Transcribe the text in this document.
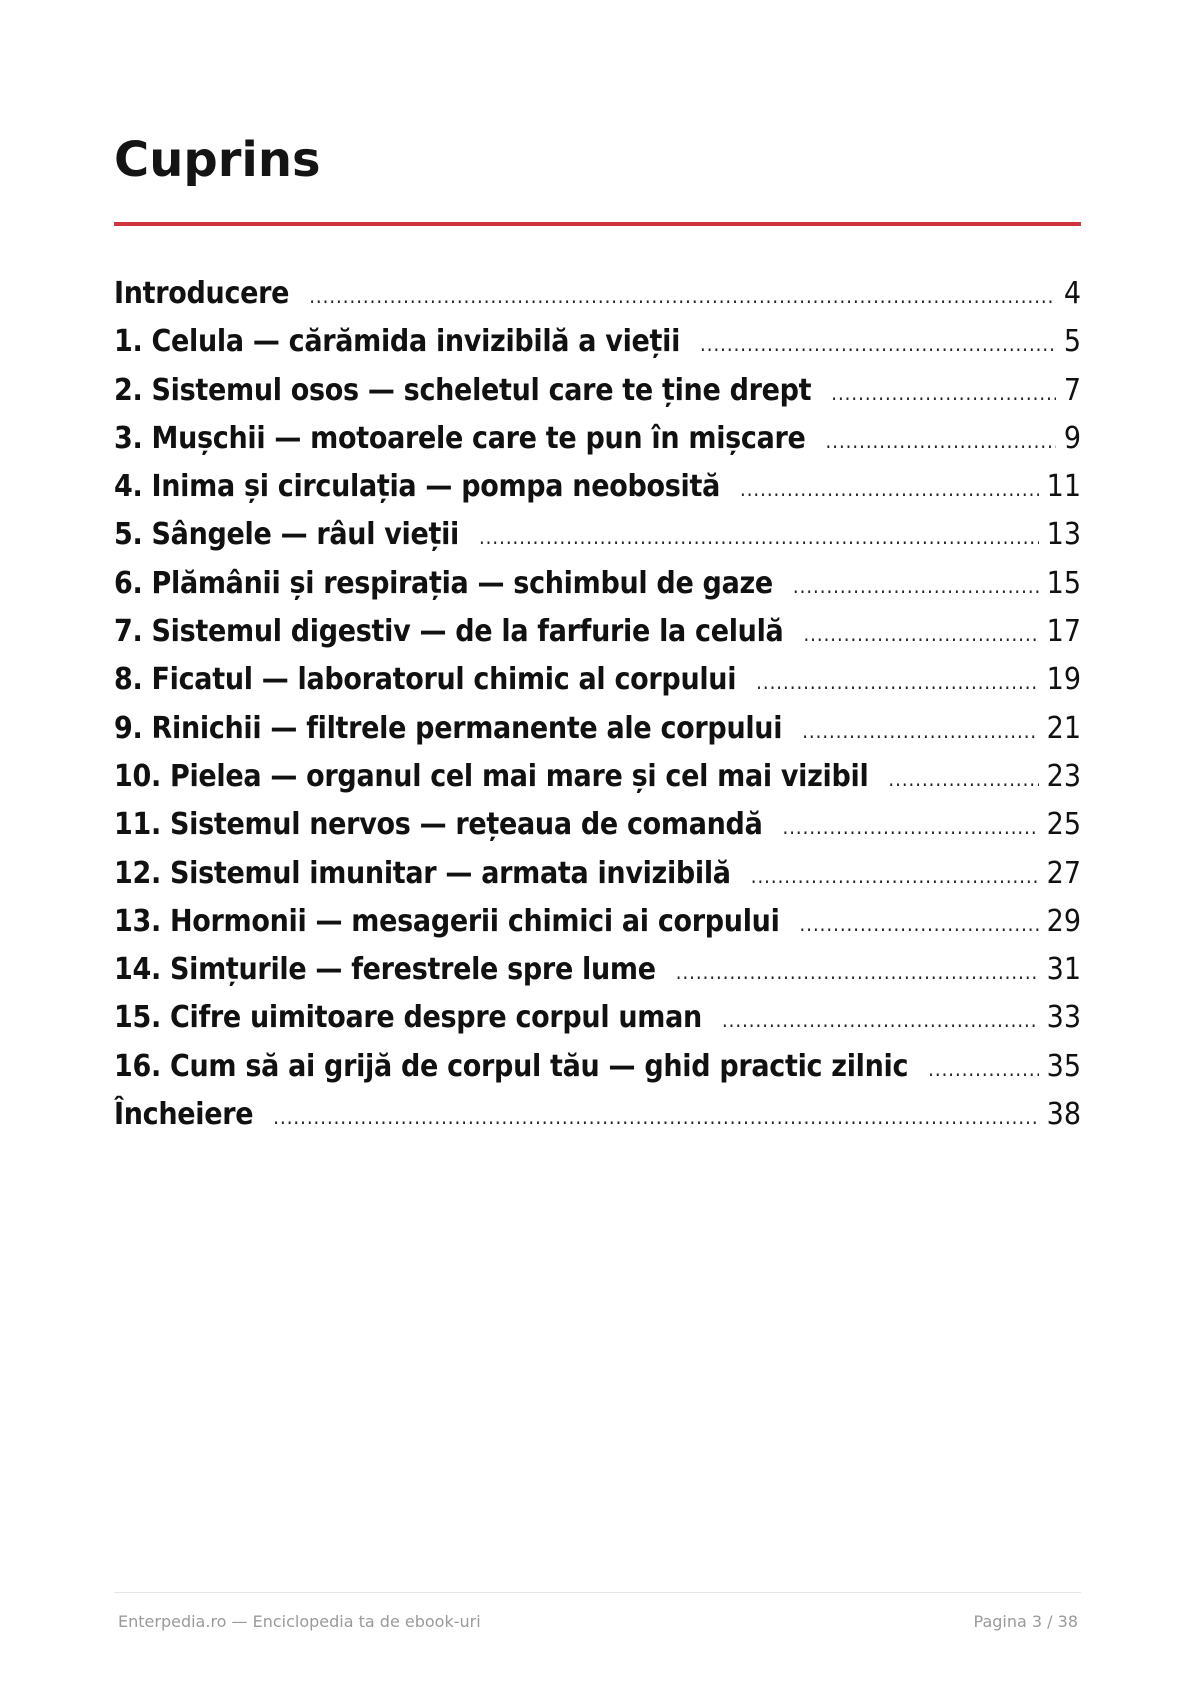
Cuprins
Introducere .....	4
1. Celula — cărămida invizibilă a vieții .....	5
2. Sistemul osos — scheletul care te ține drept .....	7
3. Mușchii — motoarele care te pun în mișcare .....	9
4. Inima și circulația — pompa neobosită .....	11
5. Sângele — râul vieții .....	13
6. Plămânii și respirația — schimbul de gaze .....	15
7. Sistemul digestiv — de la farfurie la celulă .....	17
8. Ficatul — laboratorul chimic al corpului .....	19
9. Rinichii — filtrele permanente ale corpului .....	21
10. Pielea — organul cel mai mare și cel mai vizibil .....	23
11. Sistemul nervos — rețeaua de comandă .....	25
12. Sistemul imunitar — armata invizibilă .....	27
13. Hormonii — mesagerii chimici ai corpului .....	29
14. Simțurile — ferestrele spre lume .....	31
15. Cifre uimitoare despre corpul uman .....	33
16. Cum să ai grijă de corpul tău — ghid practic zilnic .....	35
Încheiere .....	38
Enterpedia.ro — Enciclopedia ta de ebook-uri	Pagina 3 / 38
